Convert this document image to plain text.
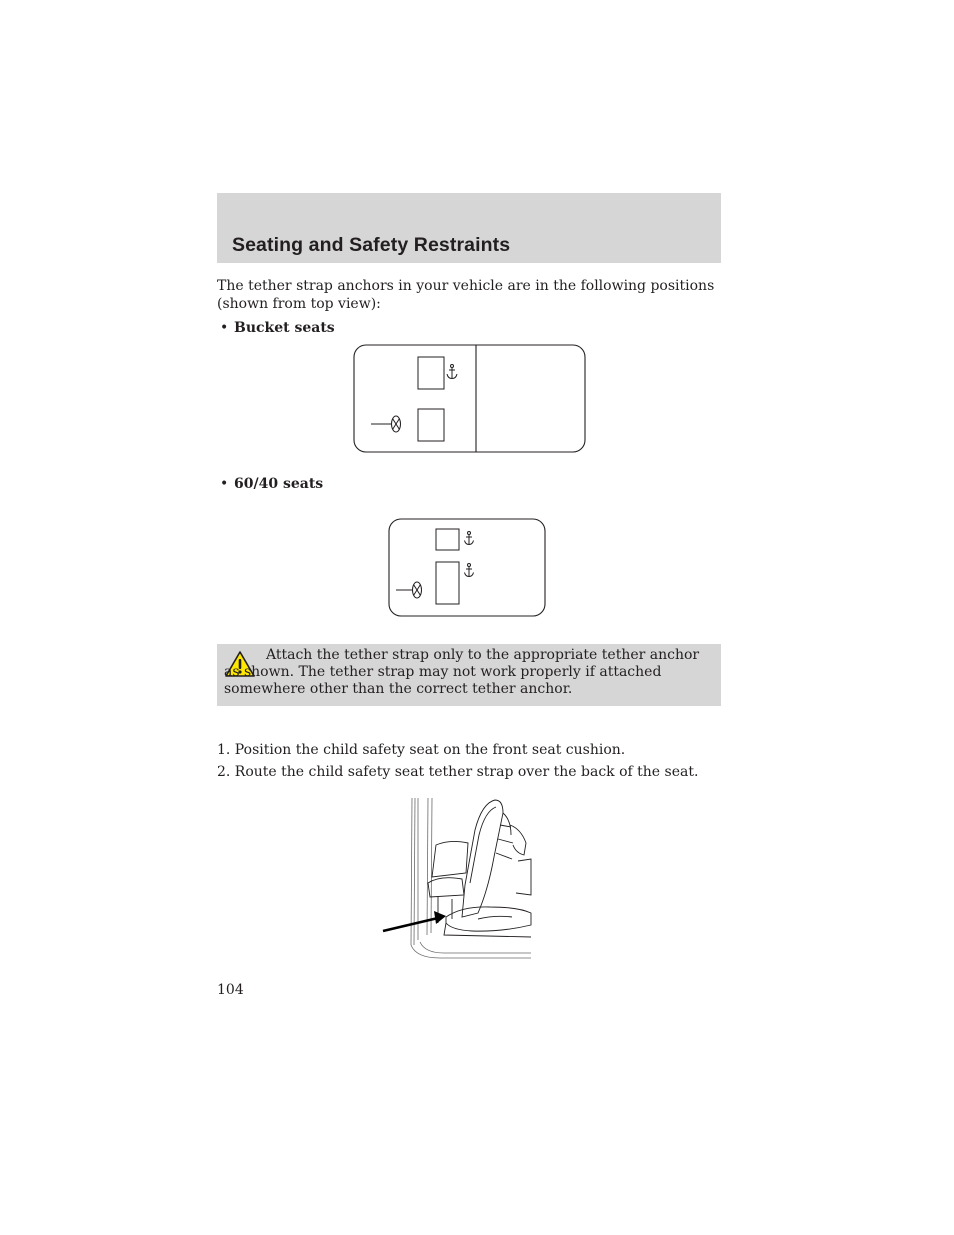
Seating and Safety Restraints

The tether strap anchors in your vehicle are in the following positions (shown from top view):

• Bucket seats
• 60/40 seats

Attach the tether strap only to the appropriate tether anchor as shown. The tether strap may not work properly if attached somewhere other than the correct tether anchor.

1. Position the child safety seat on the front seat cushion.

2. Route the child safety seat tether strap over the back of the seat.

104
